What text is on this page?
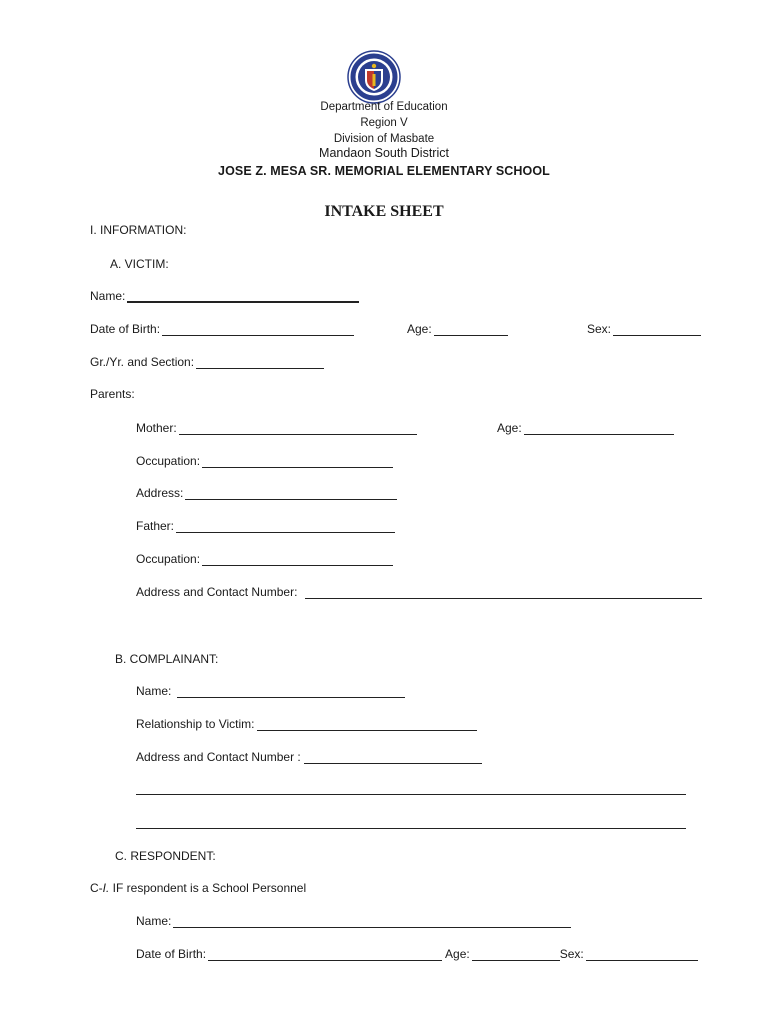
Department of Education
Region V
Division of Masbate
Mandaon South District
JOSE Z. MESA SR. MEMORIAL ELEMENTARY SCHOOL
INTAKE SHEET
I. INFORMATION:
A. VICTIM:
Name:
Date of Birth:	Age:	Sex:
Gr./Yr. and Section:
Parents:
Mother:	Age:
Occupation:
Address:
Father:
Occupation:
Address and Contact Number:
B. COMPLAINANT:
Name:
Relationship to Victim:
Address and Contact Number :
C. RESPONDENT:
C- I. IF respondent is a School Personnel
Name:
Date of Birth:	Age:	Sex:
